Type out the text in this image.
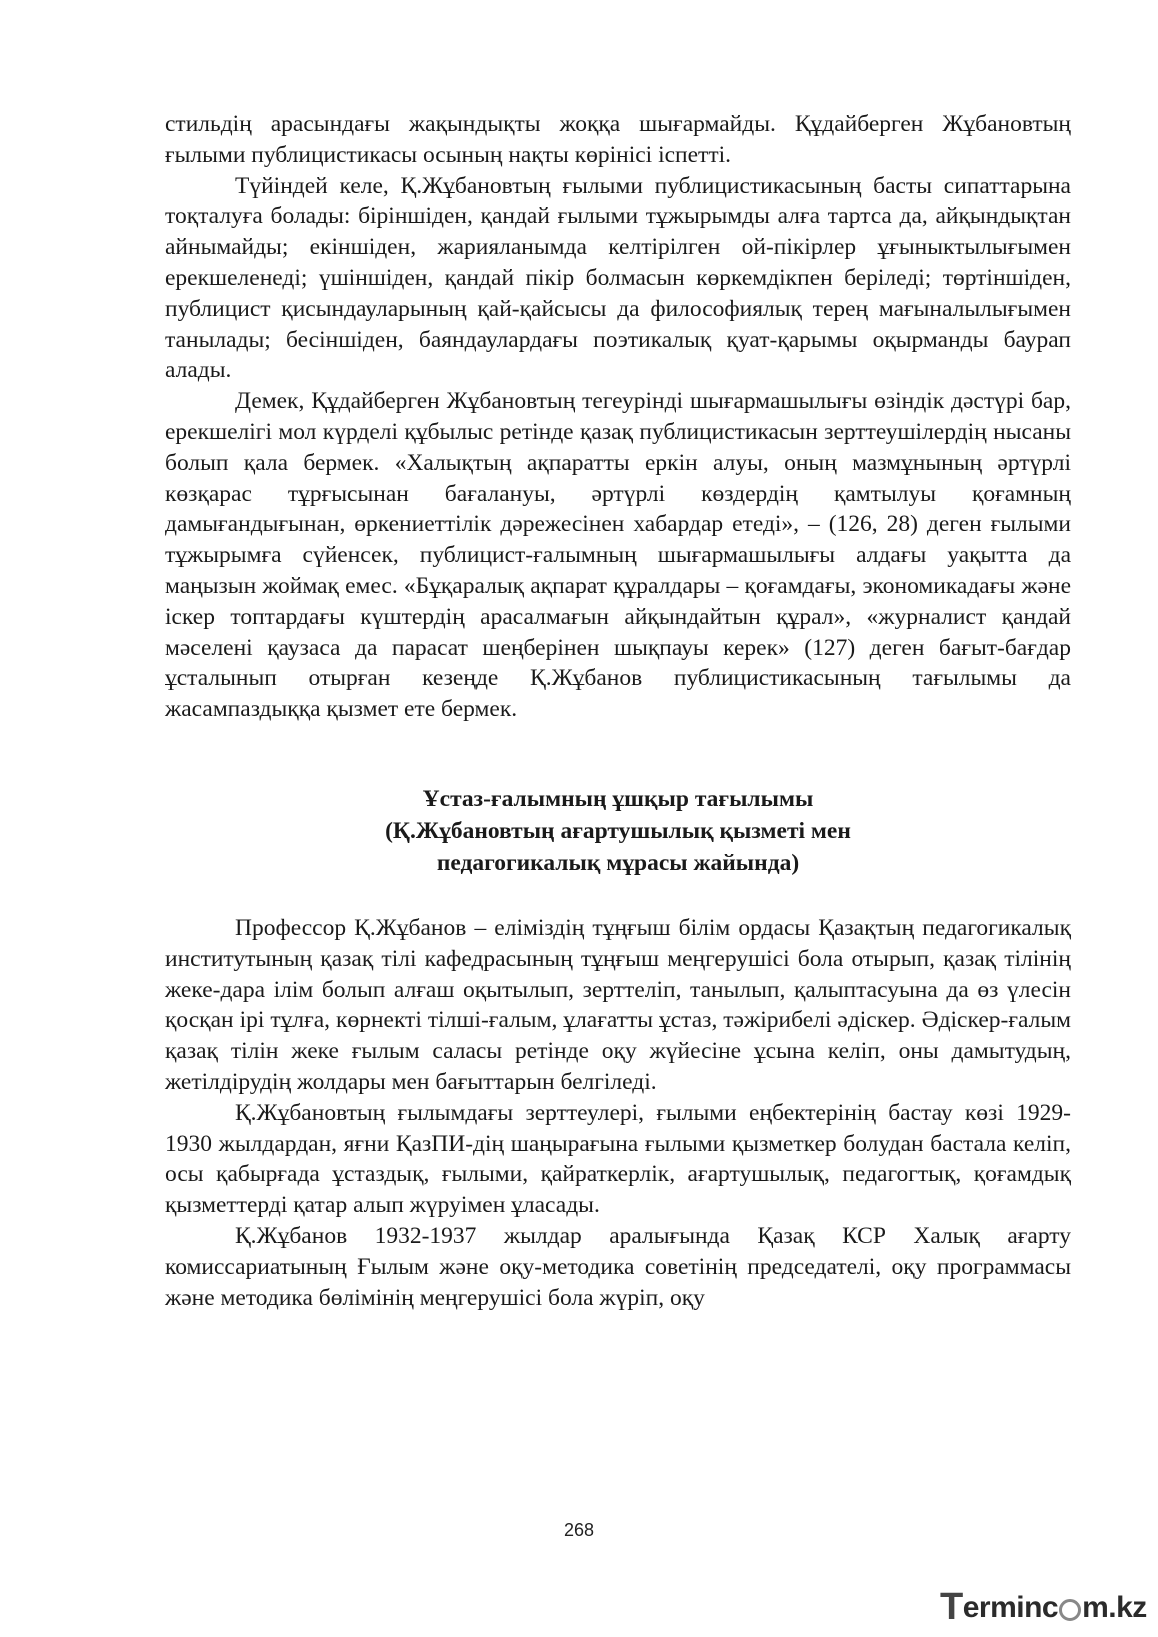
стильдің арасындағы жақындықты жоққа шығармайды. Құдайберген Жұбановтың ғылыми публицистикасы осының нақты көрінісі іспетті.

Түйіндей келе, Қ.Жұбановтың ғылыми публицистикасының басты сипаттарына тоқталуға болады: біріншіден, қандай ғылыми тұжырымды алға тартса да, айқындықтан айнымайды; екіншіден, жарияланымда келтірілген ой-пікірлер ұғыныктылығымен ерекшеленеді; үшіншіден, қандай пікір болмасын көркемдікпен беріледі; төртіншіден, публицист қисындауларының қай-қайсысы да философиялық терең мағыналылығымен танылады; бесіншіден, баяндаулардағы поэтикалық қуат-қарымы оқырманды баурап алады.

Демек, Құдайберген Жұбановтың тегеурінді шығармашылығы өзіндік дәстүрі бар, ерекшелігі мол күрделі құбылыс ретінде қазақ публицистикасын зерттеушілердің нысаны болып қала бермек. «Халықтың ақпаратты еркін алуы, оның мазмұнының әртүрлі көзқарас тұрғысынан бағалануы, әртүрлі көздердің қамтылуы қоғамның дамығандығынан, өркениеттілік дәрежесінен хабардар етеді», – (126, 28) деген ғылыми тұжырымға сүйенсек, публицист-ғалымның шығармашылығы алдағы уақытта да маңызын жоймақ емес. «Бұқаралық ақпарат құралдары – қоғамдағы, экономикадағы және іскер топтардағы күштердің арасалмағын айқындайтын құрал», «журналист қандай мәселені қаузаса да парасат шеңберінен шықпауы керек» (127) деген бағыт-бағдар ұсталынып отырған кезеңде Қ.Жұбанов публицистикасының тағылымы да жасампаздыққа қызмет ете бермек.

Ұстаз-ғалымның ұшқыр тағылымы
(Қ.Жұбановтың ағартушылық қызметі мен
педагогикалық мұрасы жайында)

Профессор Қ.Жұбанов – еліміздің тұңғыш білім ордасы Қазақтың педагогикалық институтының қазақ тілі кафедрасының тұңғыш меңгерушісі бола отырып, қазақ тілінің жеке-дара ілім болып алғаш оқытылып, зерттеліп, танылып, қалыптасуына да өз үлесін қосқан ірі тұлға, көрнекті тілші-ғалым, ұлағатты ұстаз, тәжірибелі әдіскер. Әдіскер-ғалым қазақ тілін жеке ғылым саласы ретінде оқу жүйесіне ұсына келіп, оны дамытудың, жетілдірудің жолдары мен бағыттарын белгіледі.

Қ.Жұбановтың ғылымдағы зерттеулері, ғылыми еңбектерінің бастау көзі 1929-1930 жылдардан, яғни ҚазПИ-дің шаңырағына ғылыми қызметкер болудан бастала келіп, осы қабырғада ұстаздық, ғылыми, қайраткерлік, ағартушылық, педагогтық, қоғамдық қызметтерді қатар алып жүруімен ұласады.

Қ.Жұбанов 1932-1937 жылдар аралығында Қазақ КСР Халық ағарту комиссариатының Ғылым және оқу-методика советінің председателі, оқу программасы және методика бөлімінің меңгерушісі бола жүріп, оқу

268
T erminc m.kz
